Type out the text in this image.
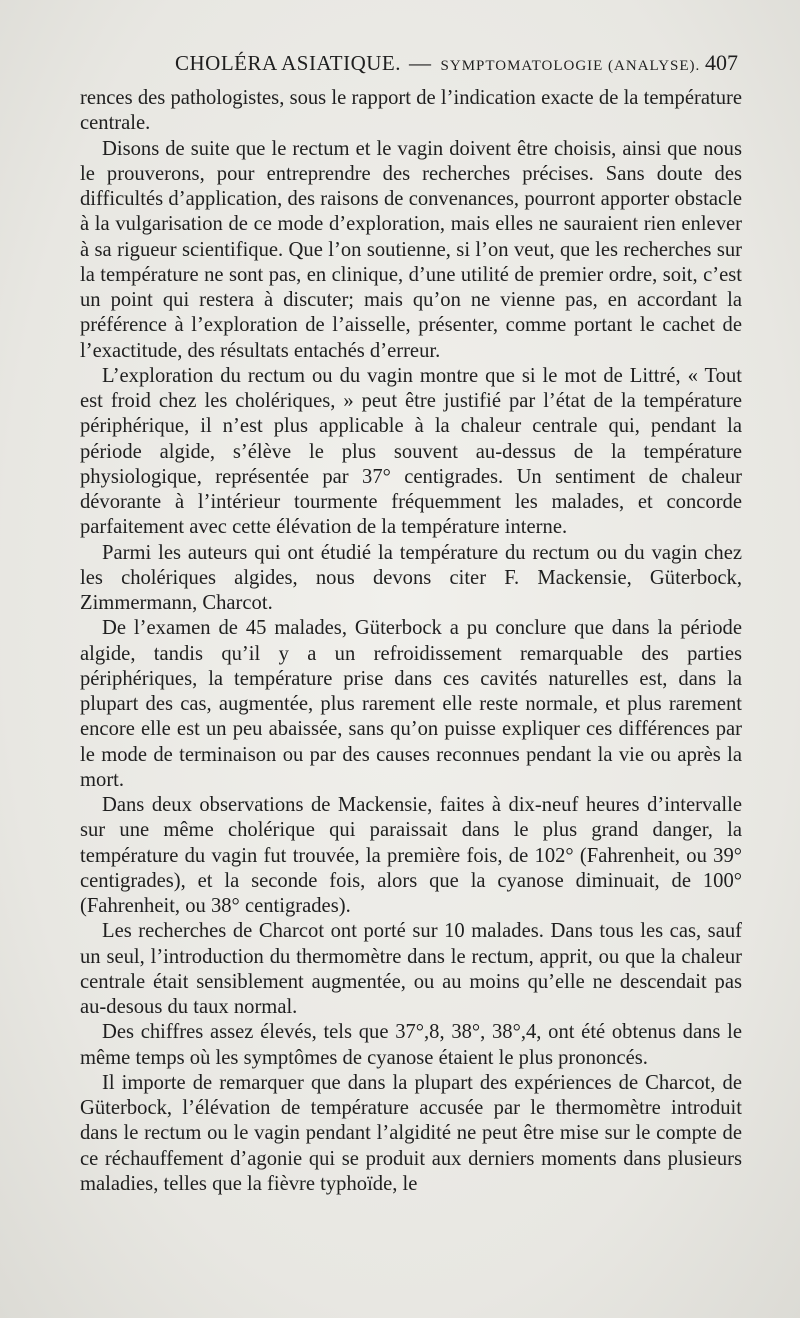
CHOLÉRA ASIATIQUE. — SYMPTOMATOLOGIE (ANALYSE). 407

rences des pathologistes, sous le rapport de l’indication exacte de la température centrale.

Disons de suite que le rectum et le vagin doivent être choisis, ainsi que nous le prouverons, pour entreprendre des recherches précises. Sans doute des difficultés d’application, des raisons de convenances, pourront apporter obstacle à la vulgarisation de ce mode d’exploration, mais elles ne sauraient rien enlever à sa rigueur scientifique. Que l’on soutienne, si l’on veut, que les recherches sur la température ne sont pas, en clinique, d’une utilité de premier ordre, soit, c’est un point qui restera à discuter; mais qu’on ne vienne pas, en accordant la préférence à l’exploration de l’aisselle, présenter, comme portant le cachet de l’exactitude, des résultats entachés d’erreur.

L’exploration du rectum ou du vagin montre que si le mot de Littré, « Tout est froid chez les cholériques, » peut être justifié par l’état de la température périphérique, il n’est plus applicable à la chaleur centrale qui, pendant la période algide, s’élève le plus souvent au-dessus de la température physiologique, représentée par 37° centigrades. Un sentiment de chaleur dévorante à l’intérieur tourmente fréquemment les malades, et concorde parfaitement avec cette élévation de la température interne.

Parmi les auteurs qui ont étudié la température du rectum ou du vagin chez les cholériques algides, nous devons citer F. Mackensie, Güterbock, Zimmermann, Charcot.

De l’examen de 45 malades, Güterbock a pu conclure que dans la période algide, tandis qu’il y a un refroidissement remarquable des parties périphériques, la température prise dans ces cavités naturelles est, dans la plupart des cas, augmentée, plus rarement elle reste normale, et plus rarement encore elle est un peu abaissée, sans qu’on puisse expliquer ces différences par le mode de terminaison ou par des causes reconnues pendant la vie ou après la mort.

Dans deux observations de Mackensie, faites à dix-neuf heures d’intervalle sur une même cholérique qui paraissait dans le plus grand danger, la température du vagin fut trouvée, la première fois, de 102° (Fahrenheit, ou 39° centigrades), et la seconde fois, alors que la cyanose diminuait, de 100° (Fahrenheit, ou 38° centigrades).

Les recherches de Charcot ont porté sur 10 malades. Dans tous les cas, sauf un seul, l’introduction du thermomètre dans le rectum, apprit, ou que la chaleur centrale était sensiblement augmentée, ou au moins qu’elle ne descendait pas au-desous du taux normal.

Des chiffres assez élevés, tels que 37°,8, 38°, 38°,4, ont été obtenus dans le même temps où les symptômes de cyanose étaient le plus prononcés.

Il importe de remarquer que dans la plupart des expériences de Charcot, de Güterbock, l’élévation de température accusée par le thermomètre introduit dans le rectum ou le vagin pendant l’algidité ne peut être mise sur le compte de ce réchauffement d’agonie qui se produit aux derniers moments dans plusieurs maladies, telles que la fièvre typhoïde, le
